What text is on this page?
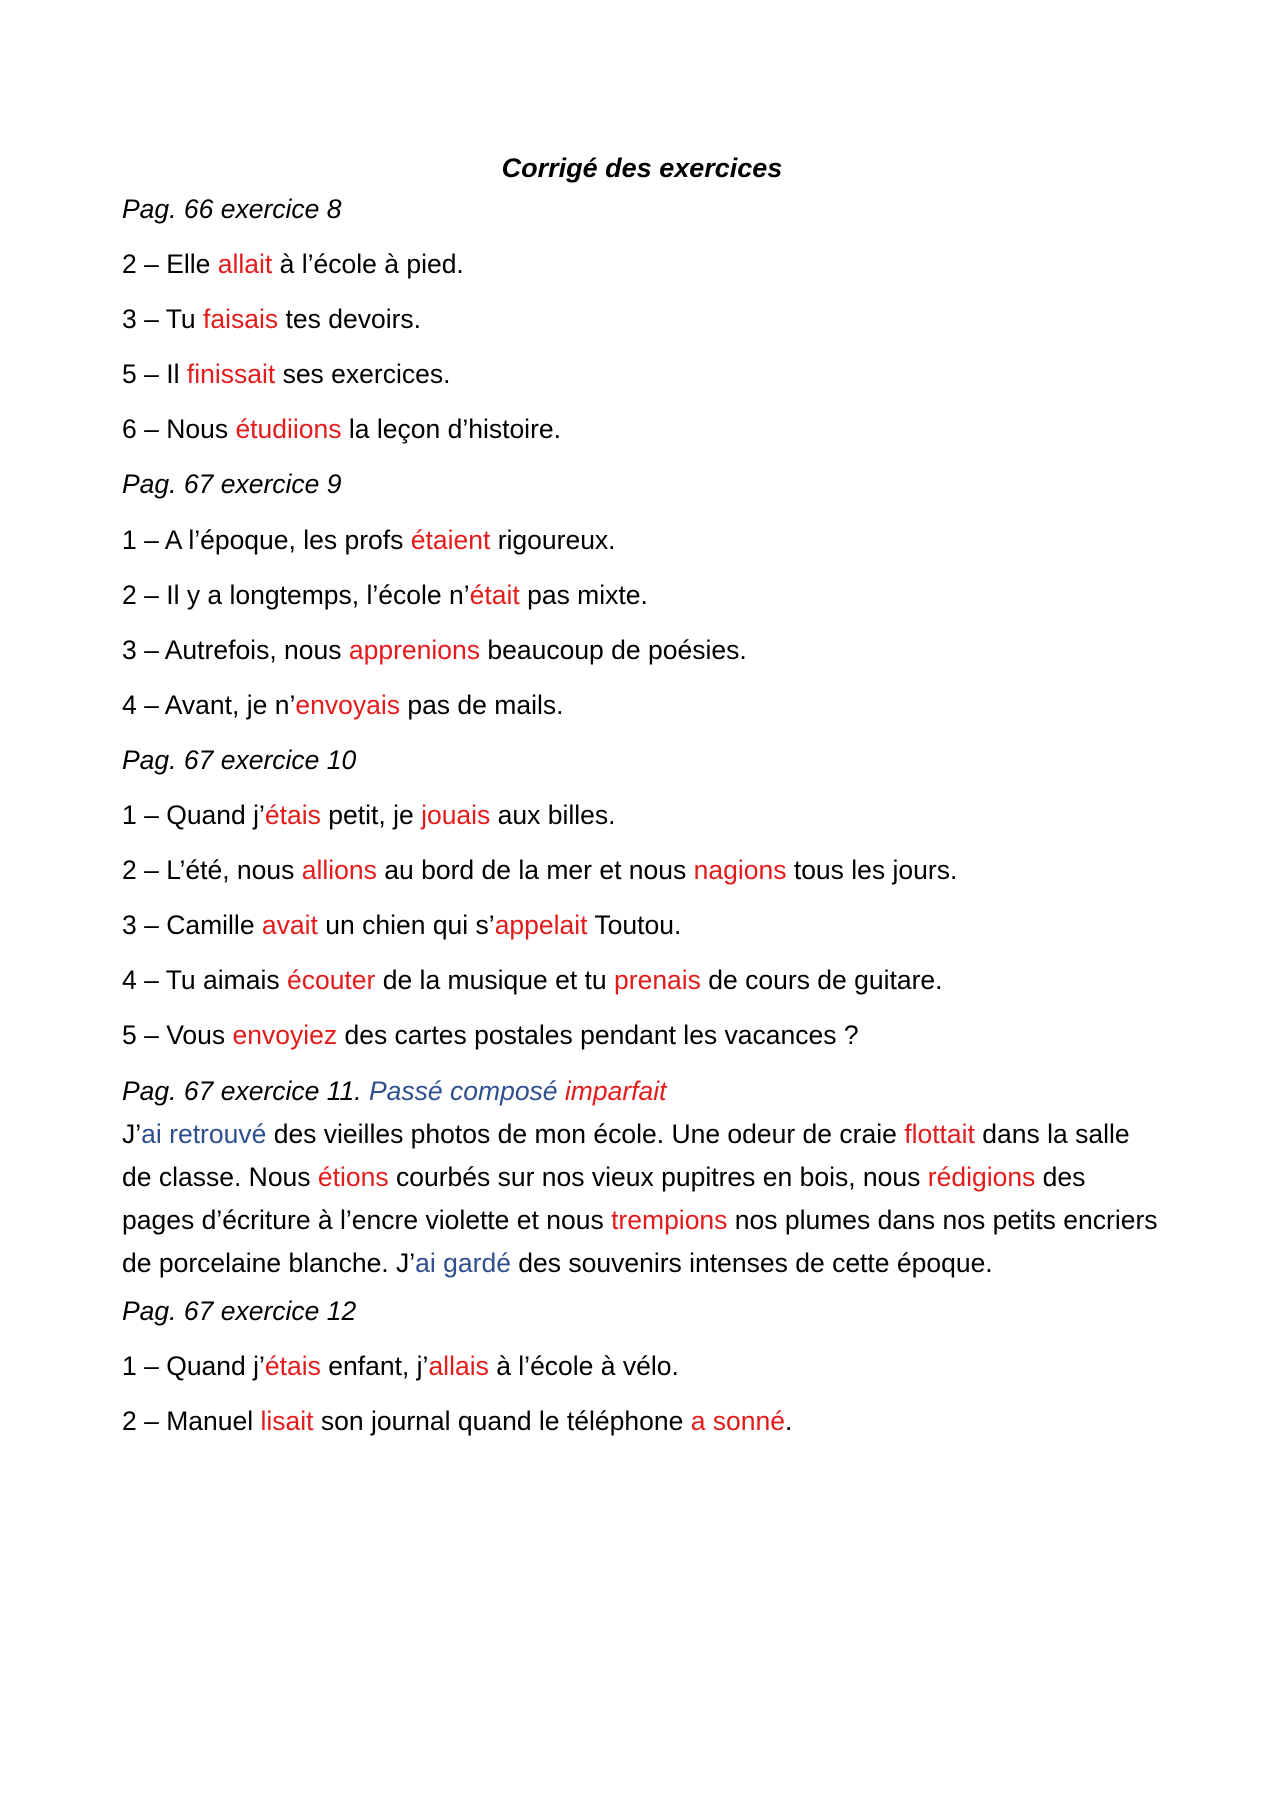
Corrigé des exercices

Pag. 66 exercice 8

2 – Elle allait à l’école à pied.

3 – Tu faisais tes devoirs.

5 – Il finissait ses exercices.

6 – Nous étudiions la leçon d’histoire.

Pag. 67 exercice 9

1 – A l’époque, les profs étaient rigoureux.

2 – Il y a longtemps, l’école n’était pas mixte.

3 – Autrefois, nous apprenions beaucoup de poésies.

4 – Avant, je n’envoyais pas de mails.

Pag. 67 exercice 10

1 – Quand j’étais petit, je jouais aux billes.

2 – L’été, nous allions au bord de la mer et nous nagions tous les jours.

3 – Camille avait un chien qui s’appelait Toutou.

4 – Tu aimais écouter de la musique et tu prenais de cours de guitare.

5 – Vous envoyiez des cartes postales pendant les vacances ?

Pag. 67 exercice 11. Passé composé imparfait

J’ai retrouvé des vieilles photos de mon école. Une odeur de craie flottait dans la salle de classe. Nous étions courbés sur nos vieux pupitres en bois, nous rédigions des pages d’écriture à l’encre violette et nous trempions nos plumes dans nos petits encriers de porcelaine blanche. J’ai gardé des souvenirs intenses de cette époque.

Pag. 67 exercice 12

1 – Quand j’étais enfant, j’allais à l’école à vélo.

2 – Manuel lisait son journal quand le téléphone a sonné.
